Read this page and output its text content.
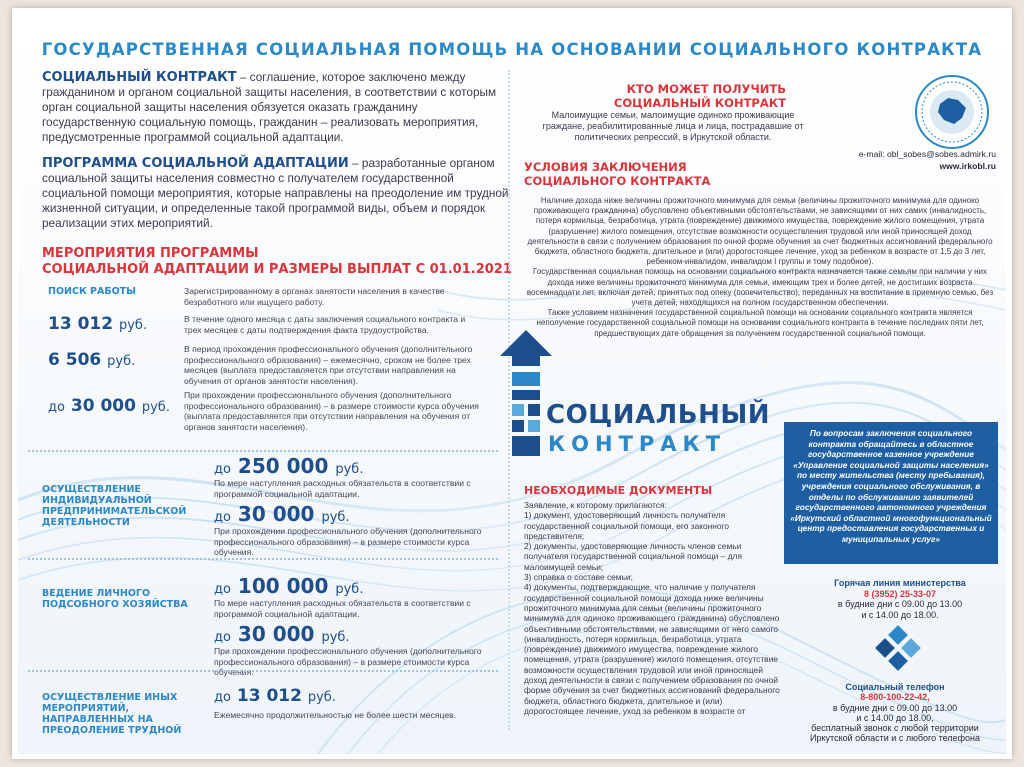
ГОСУДАРСТВЕННАЯ СОЦИАЛЬНАЯ ПОМОЩЬ НА ОСНОВАНИИ СОЦИАЛЬНОГО КОНТРАКТА
СОЦИАЛЬНЫЙ КОНТРАКТ – соглашение, которое заключено между гражданином и органом социальной защиты населения, в соответствии с которым орган социальной защиты населения обязуется оказать гражданину государственную социальную помощь, гражданин – реализовать мероприятия, предусмотренные программой социальной адаптации.
ПРОГРАММА СОЦИАЛЬНОЙ АДАПТАЦИИ – разработанные органом социальной защиты населения совместно с получателем государственной социальной помощи мероприятия, которые направлены на преодоление им трудной жизненной ситуации, и определенные такой программой виды, объем и порядок реализации этих мероприятий.
МЕРОПРИЯТИЯ ПРОГРАММЫ
СОЦИАЛЬНОЙ АДАПТАЦИИ И РАЗМЕРЫ ВЫПЛАТ С 01.01.2021
ПОИСК РАБОТЫ	Зарегистрированному в органах занятости населения в качестве безработного или ищущего работу.
13 012 руб.	В течение одного месяца с даты заключения социального контракта и трех месяцев с даты подтверждения факта трудоустройства.
6 506 руб.
В период прохождения профессионального обучения (дополнительного профессионального образования) – ежемесячно, сроком не более трех месяцев (выплата предоставляется при отсутствии направления на обучения от органов занятости населения).
до 30 000 руб.
При прохождении профессионального обучения (дополнительного профессионального образования) – в размере стоимости курса обучения (выплата предоставляется при отсутствии направления на обучения от органов занятости населения).
ОСУЩЕСТВЛЕНИЕ ИНДИВИДУАЛЬНОЙ ПРЕДПРИНИМАТЕЛЬСКОЙ ДЕЯТЕЛЬНОСТИ
до 250 000 руб.
По мере наступления расходных обязательств в соответствии с программой социальной адаптации.
до 30 000 руб.
При прохождении профессионального обучения (дополнительного профессионального образования) – в размере стоимости курса обучения.
ВЕДЕНИЕ ЛИЧНОГО ПОДСОБНОГО ХОЗЯЙСТВА
до 100 000 руб.
По мере наступления расходных обязательств в соответствии с программой социальной адаптации.
до 30 000 руб.
При прохождении профессионального обучения (дополнительного профессионального образования) – в размере стоимости курса обучения.
ОСУЩЕСТВЛЕНИЕ ИНЫХ МЕРОПРИЯТИЙ, НАПРАВЛЕННЫХ НА ПРЕОДОЛЕНИЕ ТРУДНОЙ
до 13 012 руб.
Ежемесячно продолжительностью не более шести месяцев.
КТО МОЖЕТ ПОЛУЧИТЬ
СОЦИАЛЬНЫЙ КОНТРАКТ
Малоимущие семьи, малоимущие одиноко проживающие граждане, реабилитированные лица и лица, пострадавшие от политических репрессий, в Иркутской области.
e-mail: obl_sobes@sobes.admirk.ru
www.irkobl.ru
УСЛОВИЯ ЗАКЛЮЧЕНИЯ
СОЦИАЛЬНОГО КОНТРАКТА
Наличие дохода ниже величины прожиточного минимума для семьи (величины прожиточного минимума для одиноко проживающего гражданина) обусловлено объективными обстоятельствами, не зависящими от них самих (инвалидность, потеря кормильца, безработица, утрата (повреждение) движимого имущества, повреждение жилого помещения, утрата (разрушение) жилого помещения, отсутствие возможности осуществления трудовой или иной приносящей доход деятельности в связи с получением образования по очной форме обучения за счет бюджетных ассигнований федерального бюджета, областного бюджета, длительное и (или) дорогостоящее лечение, уход за ребенком в возрасте от 1,5 до 3 лет, ребенком-инвалидом, инвалидом I группы и тому подобное).
Государственная социальная помощь на основании социального контракта назначается также семьям при наличии у них дохода ниже величины прожиточного минимума для семьи, имеющим трех и более детей, не достигших возраста восемнадцати лет, включая детей, принятых под опеку (попечительство), переданных на воспитание в приемную семью, без учета детей, находящихся на полном государственном обеспечении.
Также условием назначения государственной социальной помощи на основании социального контракта является неполучение государственной социальной помощи на основании социального контракта в течение последних пяти лет, предшествующих дате обращения за получением государственной социальной помощи.
СОЦИАЛЬНЫЙ
КОНТРАКТ
НЕОБХОДИМЫЕ ДОКУМЕНТЫ
Заявление, к которому прилагаются:
1) документ, удостоверяющий личность получателя государственной социальной помощи, его законного представителя;
2) документы, удостоверяющие личность членов семьи получателя государственной социальной помощи – для малоимущей семьи;
3) справка о составе семьи;
4) документы, подтверждающие, что наличие у получателя государственной социальной помощи дохода ниже величины прожиточного минимума для семьи (величины прожиточного минимума для одиноко проживающего гражданина) обусловлено объективными обстоятельствами, не зависящими от него самого (инвалидность, потеря кормильца, безработица, утрата (повреждение) движимого имущества, повреждение жилого помещения, утрата (разрушение) жилого помещения, отсутствие возможности осуществления трудовой или иной приносящей доход деятельности в связи с получением образования по очной форме обучения за счет бюджетных ассигнований федерального бюджета, областного бюджета, длительное и (или) дорогостоящее лечение, уход за ребенком в возрасте от
По вопросам заключения социального контракта обращайтесь в областное государственное казенное учреждение «Управление социальной защиты населения» по месту жительства (месту пребывания), учреждения социального обслуживания, в отделы по обслуживанию заявителей государственного автономного учреждения «Иркутский областной многофункциональный центр предоставления государственных и муниципальных услуг»
Горячая линия министерства
8 (3952) 25-33-07
в будние дни с 09.00 до 13.00
и с 14.00 до 18.00.
Социальный телефон
8-800-100-22-42,
в будние дни с 09.00 до 13.00
и с 14.00 до 18.00,
бесплатный звонок с любой территории
Иркутской области и с любого телефона
